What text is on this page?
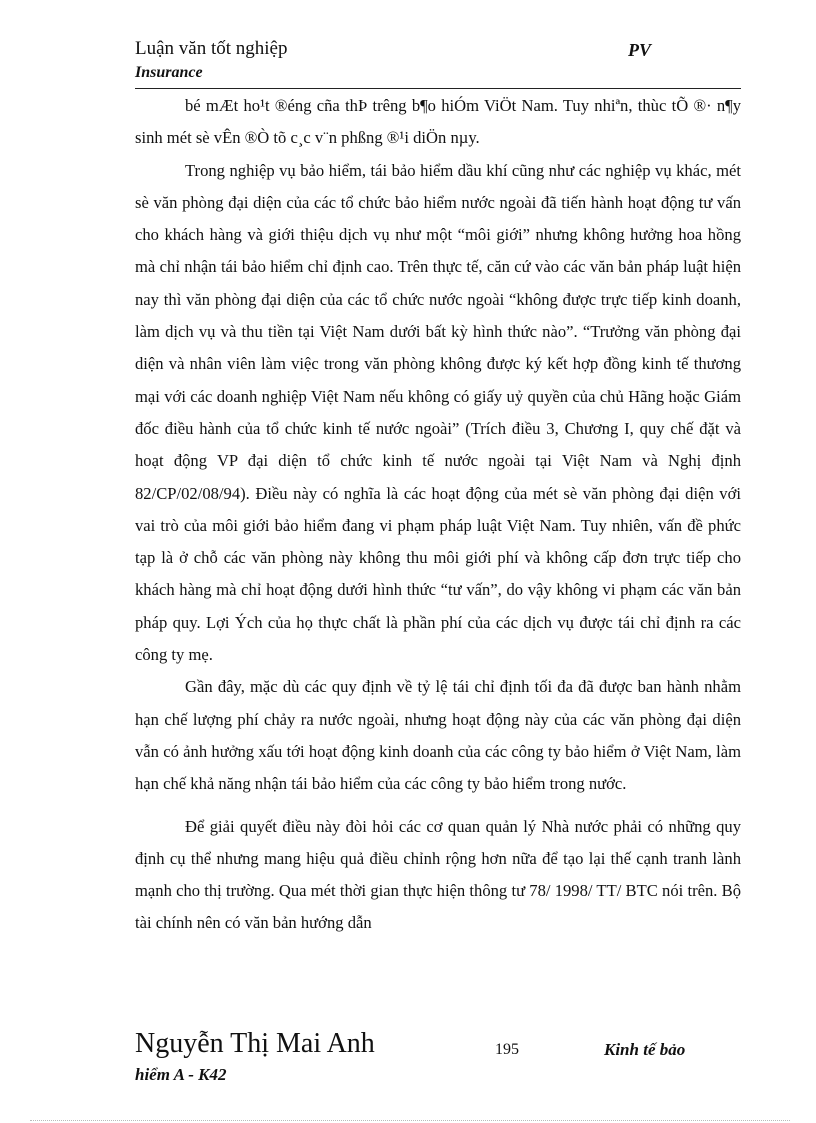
Luận văn tốt nghiệp	PV
Insurance

bé mÆt ho¹t ®éng cña thÞ trêng b¶o hiÓm ViÖt Nam. Tuy nhiªn, thùc tÕ ®· n¶y sinh mét sè vÊn ®Ò tõ c¸c v¨n phßng ®¹i diÖn nµy.

Trong nghiệp vụ bảo hiểm, tái bảo hiểm dầu khí cũng như các nghiệp vụ khác, mét sè văn phòng đại diện của các tổ chức bảo hiểm nước ngoài đã tiến hành hoạt động tư vấn cho khách hàng và giới thiệu dịch vụ như một “môi giới” nhưng không hưởng hoa hồng mà chỉ nhận tái bảo hiểm chỉ định cao. Trên thực tế, căn cứ vào các văn bản pháp luật hiện nay thì văn phòng đại diện của các tổ chức nước ngoài “không được trực tiếp kinh doanh, làm dịch vụ và thu tiền tại Việt Nam dưới bất kỳ hình thức nào”. “Trưởng văn phòng đại diện và nhân viên làm việc trong văn phòng không được ký kết hợp đồng kinh tế thương mại với các doanh nghiệp Việt Nam nếu không có giấy uỷ quyền của chủ Hãng hoặc Giám đốc điều hành của tổ chức kinh tế nước ngoài” (Trích điều 3, Chương I, quy chế đặt và hoạt động VP đại diện tổ chức kinh tế nước ngoài tại Việt Nam và Nghị định 82/CP/02/08/94). Điều này có nghĩa là các hoạt động của mét sè văn phòng đại diện với vai trò của môi giới bảo hiểm đang vi phạm pháp luật Việt Nam. Tuy nhiên, vấn đề phức tạp là ở chỗ các văn phòng này không thu môi giới phí và không cấp đơn trực tiếp cho khách hàng mà chỉ hoạt động dưới hình thức “tư vấn”, do vậy không vi phạm các văn bản pháp quy. Lợi Ých của họ thực chất là phần phí của các dịch vụ được tái chỉ định ra các công ty mẹ.

Gần đây, mặc dù các quy định về tỷ lệ tái chỉ định tối đa đã được ban hành nhằm hạn chế lượng phí chảy ra nước ngoài, nhưng hoạt động này của các văn phòng đại diện vẫn có ảnh hưởng xấu tới hoạt động kinh doanh của các công ty bảo hiểm ở Việt Nam, làm hạn chế khả năng nhận tái bảo hiểm của các công ty bảo hiểm trong nước.

Để giải quyết điều này đòi hỏi các cơ quan quản lý Nhà nước phải có những quy định cụ thể nhưng mang hiệu quả điều chỉnh rộng hơn nữa để tạo lại thế cạnh tranh lành mạnh cho thị trường. Qua mét thời gian thực hiện thông tư 78/ 1998/ TT/ BTC nói trên. Bộ tài chính nên có văn bản hướng dẫn

Nguyễn Thị Mai Anh	195	Kinh tế bảo
hiểm A - K42
